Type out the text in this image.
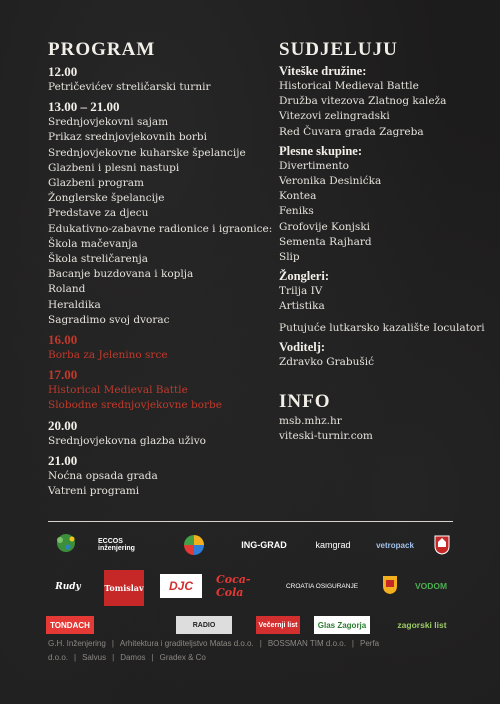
PROGRAM
12.00
Petričevićev streličarski turnir
13.00 – 21.00
Srednjovjekovni sajam
Prikaz srednjovjekovnih borbi
Srednjovjekovne kuharske špelancije
Glazbeni i plesni nastupi
Glazbeni program
Žonglerske špelancije
Predstave za djecu
Edukativno-zabavne radionice i igraonice:
Škola mačevanja
Škola streličarenja
Bacanje buzdovana i koplja
Roland
Heraldika
Sagradimo svoj dvorac
16.00
Borba za Jelenino srce
17.00
Historical Medieval Battle
Slobodne srednjovjekovne borbe
20.00
Srednjovjekovna glazba uživo
21.00
Noćna opsada grada
Vatreni programi
SUDJELUJU
Viteške družine:
Historical Medieval Battle
Družba vitezova Zlatnog kaleža
Vitezovi zelingradski
Red Čuvara grada Zagreba
Plesne skupine:
Divertimento
Veronika Desinićka
Kontea
Feniks
Grofovije Konjski
Sementa Rajhard
Slip
Žongleri:
Trilja IV
Artistika
Putujuće lutkarsko kazalište Ioculatori
Voditelj:
Zdravko Grabušić
INFO
msb.mhz.hr
viteski-turnir.com
ECCOS inženjering	ING-GRAD	kamgrad	vetropack
Rudy	Tomislav	DJC	Coca-Cola	CROATIA OSIGURANJE	VODOM
TONDACH	RADIO	Večernji list	Glas Zagorja	zagorski list
G.H. Inženjering | Arhitektura i graditeljstvo Matas d.o.o. | BOSSMAN TIM d.o.o. | Perfa d.o.o. | Salvus | Damos | Gradex & Co
